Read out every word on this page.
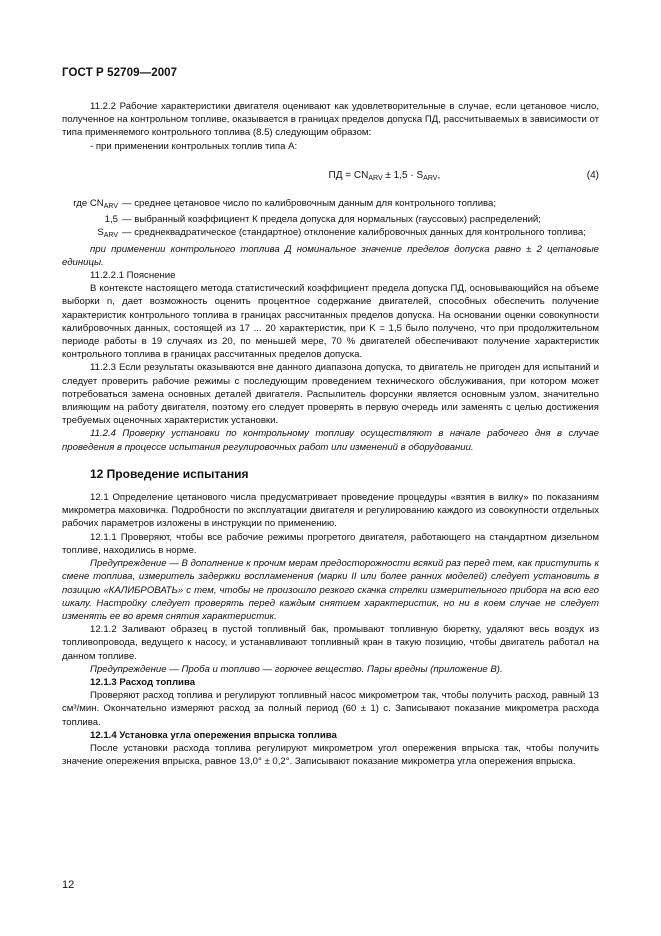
ГОСТ Р 52709—2007

11.2.2 Рабочие характеристики двигателя оценивают как удовлетворительные в случае, если цетановое число, полученное на контрольном топливе, оказывается в границах пределов допуска ПД, рассчитываемых в зависимости от типа применяемого контрольного топлива (8.5) следующим образом:

- при применении контрольных топлив типа А:

ПД = $CN_{ARV} \pm 1,5 \cdot S_{ARV}$,	(4)
где $CN_{ARV}$ — среднее цетановое число по калибровочным данным для контрольного топлива;
1,5 — выбранный коэффициент К предела допуска для нормальных (гауссовых) распределений;
$S_{ARV}$ — среднеквадратическое (стандартное) отклонение калибровочных данных для контрольного топлива;

при применении контрольного топлива Д номинальное значение пределов допуска равно ± 2 цетановые единицы.

11.2.2.1 Пояснение

В контексте настоящего метода статистический коэффициент предела допуска ПД, основывающийся на объеме выборки n, дает возможность оценить процентное содержание двигателей, способных обеспечить получение характеристик контрольного топлива в границах рассчитанных пределов допуска. На основании оценки совокупности калибровочных данных, состоящей из 17 ... 20 характеристик, при K = 1,5 было получено, что при продолжительном периоде работы в 19 случаях из 20, по меньшей мере, 70 % двигателей обеспечивают получение характеристик контрольного топлива в границах рассчитанных пределов допуска.

11.2.3 Если результаты оказываются вне данного диапазона допуска, то двигатель не пригоден для испытаний и следует проверить рабочие режимы с последующим проведением технического обслуживания, при котором может потребоваться замена основных деталей двигателя. Распылитель форсунки является основным узлом, значительно влияющим на работу двигателя, поэтому его следует проверять в первую очередь или заменять с целью достижения требуемых оценочных характеристик установки.

11.2.4 Проверку установки по контрольному топливу осуществляют в начале рабочего дня в случае проведения в процессе испытания регулировочных работ или изменений в оборудовании.

12 Проведение испытания

12.1 Определение цетанового числа предусматривает проведение процедуры «взятия в вилку» по показаниям микрометра маховичка. Подробности по эксплуатации двигателя и регулированию каждого из совокупности отдельных рабочих параметров изложены в инструкции по применению.

12.1.1 Проверяют, чтобы все рабочие режимы прогретого двигателя, работающего на стандартном дизельном топливе, находились в норме.

Предупреждение — В дополнение к прочим мерам предосторожности всякий раз перед тем, как приступить к смене топлива, измеритель задержки воспламенения (марки II или более ранних моделей) следует установить в позицию «КАЛИБРОВАТЬ» с тем, чтобы не произошло резкого скачка стрелки измерительного прибора на всю его шкалу. Настройку следует проверять перед каждым снятием характеристик, но ни в коем случае не следует изменять ее во время снятия характеристик.

12.1.2 Заливают образец в пустой топливный бак, промывают топливную бюретку, удаляют весь воздух из топливопровода, ведущего к насосу, и устанавливают топливный кран в такую позицию, чтобы двигатель работал на данном топливе.

Предупреждение — Проба и топливо — горючее вещество. Пары вредны (приложение В).

12.1.3 Расход топлива

Проверяют расход топлива и регулируют топливный насос микрометром так, чтобы получить расход, равный 13 см³/мин. Окончательно измеряют расход за полный период (60 ± 1) с. Записывают показание микрометра расхода топлива.

12.1.4 Установка угла опережения впрыска топлива

После установки расхода топлива регулируют микрометром угол опережения впрыска так, чтобы получить значение опережения впрыска, равное 13,0° ± 0,2°. Записывают показание микрометра угла опережения впрыска.

12
